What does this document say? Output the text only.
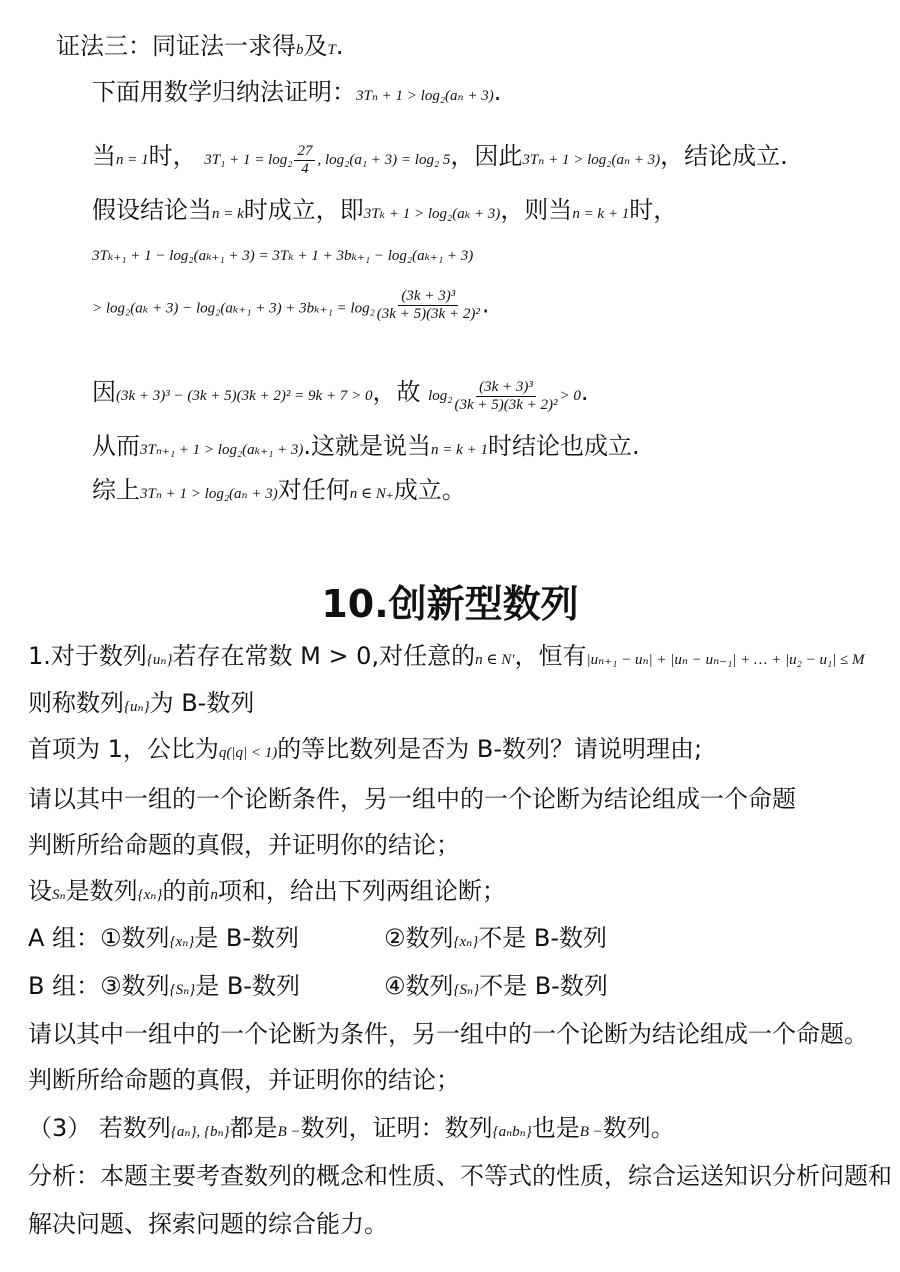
证法三：同证法一求得b及T.
下面用数学归纳法证明：3Tₙ + 1 > log₂(aₙ + 3).
当n = 1时， $3T_1 + 1 = \log_2 \frac{27}{4}$ , log₂(a₁ + 3) = log₂ 5，因此3Tₙ + 1 > log₂(aₙ + 3)，结论成立.
假设结论当n = k时成立，即3Tₖ + 1 > log₂(aₖ + 3)，则当n = k + 1时，
3Tₖ₊₁ + 1 − log₂(aₖ₊₁ + 3) = 3Tₖ + 1 + 3bₖ₊₁ − log₂(aₖ₊₁ + 3)
> $\log_2(a_k + 3) - \log_2(a_{k+1} + 3) + 3b_{k+1} = \log_2 \frac{\text{(3k + 3)³}}{\text{(3k + 5)(3k + 2)²}}$ .
因(3k + 3)³ − (3k + 5)(3k + 2)² = 9k + 7 > 0，故 $\log_2 \frac{\text{(3k + 3)³}}{\text{(3k + 5)(3k + 2)²}} > 0$.
从而3Tₙ₊₁ + 1 > log₂(aₖ₊₁ + 3).这就是说当n = k + 1时结论也成立.
综上3Tₙ + 1 > log₂(aₙ + 3)对任何n ∈ N₊成立。
10.创新型数列
1.对于数列{uₙ}若存在常数 M > 0,对任意的n ∈ N′，恒有|uₙ₊₁ − uₙ| + |uₙ − uₙ₋₁| + … + |u₂ − u₁| ≤ M
则称数列{uₙ}为 B-数列
首项为 1，公比为q(|q| < 1)的等比数列是否为 B-数列？请说明理由;
请以其中一组的一个论断条件，另一组中的一个论断为结论组成一个命题
判断所给命题的真假，并证明你的结论；
设Sₙ是数列{xₙ}的前n项和，给出下列两组论断；
A 组：①数列{xₙ}是 B-数列	②数列{xₙ}不是 B-数列
B 组：③数列{Sₙ}是 B-数列	④数列{Sₙ}不是 B-数列
请以其中一组中的一个论断为条件，另一组中的一个论断为结论组成一个命题。
判断所给命题的真假，并证明你的结论；
（3） 若数列{aₙ}, {bₙ}都是B −数列，证明：数列{aₙbₙ}也是B −数列。
分析：本题主要考查数列的概念和性质、不等式的性质，综合运送知识分析问题和
解决问题、探索问题的综合能力。
